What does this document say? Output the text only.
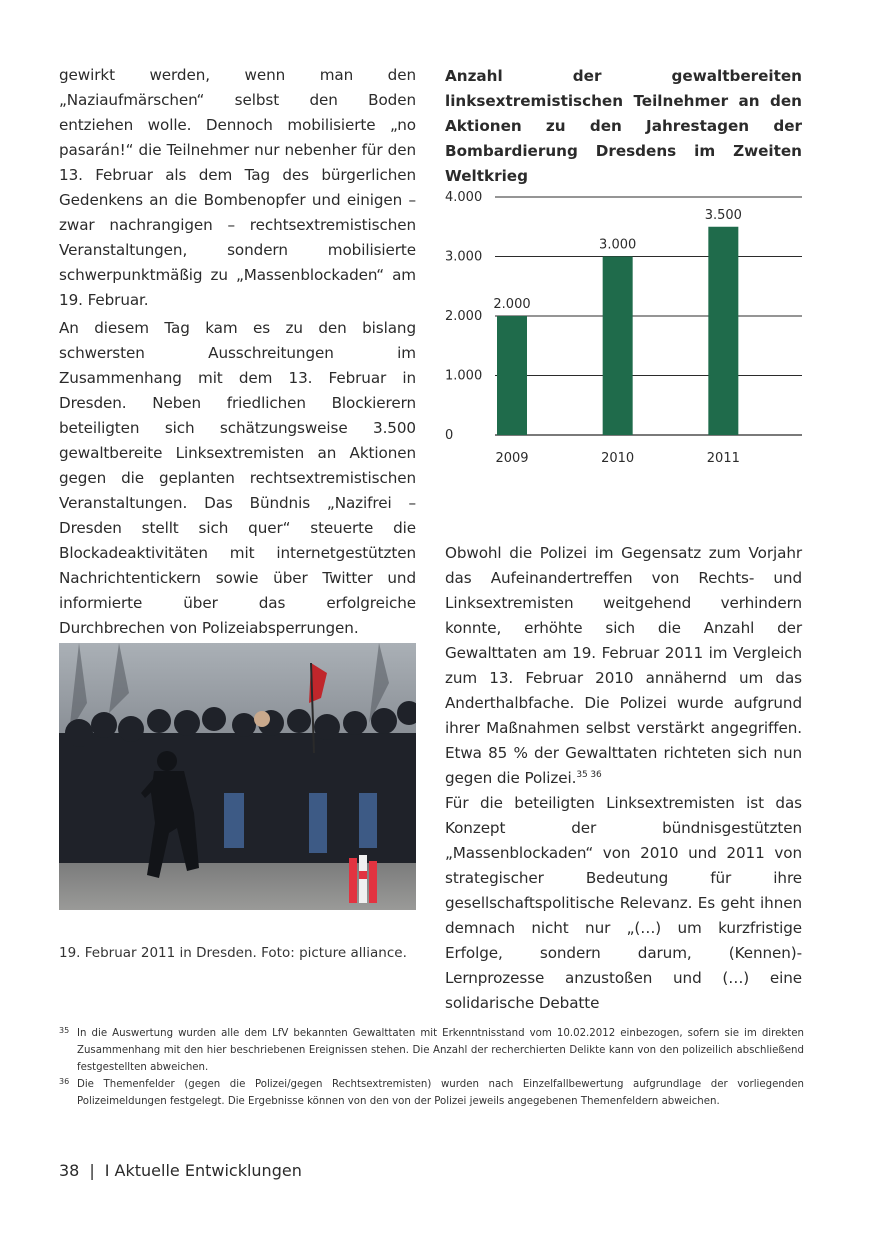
gewirkt werden, wenn man den „Naziaufmärschen“ selbst den Boden entziehen wolle. Dennoch mobilisierte „no pasarán!“ die Teilnehmer nur nebenher für den 13. Februar als dem Tag des bürgerlichen Gedenkens an die Bombenopfer und einigen – zwar nachrangigen – rechtsextremistischen Veranstaltungen, sondern mobilisierte schwerpunktmäßig zu „Massenblockaden“ am 19. Februar.

An diesem Tag kam es zu den bislang schwersten Ausschreitungen im Zusammenhang mit dem 13. Februar in Dresden. Neben friedlichen Blockierern beteiligten sich schätzungsweise 3.500 gewaltbereite Linksextremisten an Aktionen gegen die geplanten rechtsextremistischen Veranstaltungen. Das Bündnis „Nazifrei – Dresden stellt sich quer“ steuerte die Blockadeaktivitäten mit internetgestützten Nachrichtentickern sowie über Twitter und informierte über das erfolgreiche Durchbrechen von Polizeiabsperrungen.

19. Februar 2011 in Dresden. Foto: picture alliance.

Anzahl der gewaltbereiten linksextremistischen Teilnehmer an den Aktionen zu den Jahrestagen der Bombardierung Dresdens im Zweiten Weltkrieg

0
1.000
2.000
3.000
4.000
2.000
2009
3.000
2010
3.500
2011

Obwohl die Polizei im Gegensatz zum Vorjahr das Aufeinandertreffen von Rechts- und Linksextremisten weitgehend verhindern konnte, erhöhte sich die Anzahl der Gewalttaten am 19. Februar 2011 im Vergleich zum 13. Februar 2010 annähernd um das Anderthalbfache. Die Polizei wurde aufgrund ihrer Maßnahmen selbst verstärkt angegriffen. Etwa 85 % der Gewalttaten richteten sich nun gegen die Polizei.$^{35 36}$

Für die beteiligten Linksextremisten ist das Konzept der bündnisgestützten „Massenblockaden“ von 2010 und 2011 von strategischer Bedeutung für ihre gesellschaftspolitische Relevanz. Es geht ihnen demnach nicht nur „(…) um kurzfristige Erfolge, sondern darum, (Kennen)-Lernprozesse anzustoßen und (…) eine solidarische Debatte

35 In die Auswertung wurden alle dem LfV bekannten Gewalttaten mit Erkenntnisstand vom 10.02.2012 einbezogen, sofern sie im direkten Zusammenhang mit den hier beschriebenen Ereignissen stehen. Die Anzahl der recherchierten Delikte kann von den polizeilich abschließend festgestellten abweichen.
36 Die Themenfelder (gegen die Polizei/gegen Rechtsextremisten) wurden nach Einzelfallbewertung aufgrundlage der vorliegenden Polizeimeldungen festgelegt. Die Ergebnisse können von den von der Polizei jeweils angegebenen Themenfeldern abweichen.
38 | I Aktuelle Entwicklungen
